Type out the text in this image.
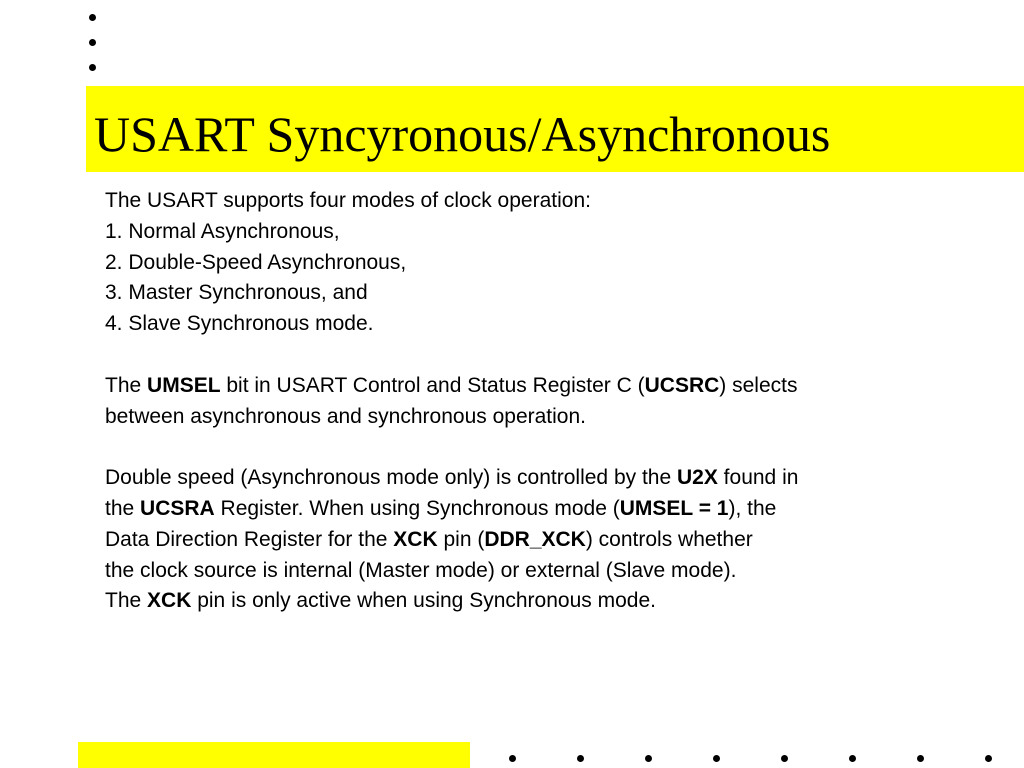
USART Syncyronous/Asynchronous
The USART supports four modes of clock operation:
1. Normal Asynchronous,
2. Double-Speed Asynchronous,
3. Master Synchronous, and
4. Slave Synchronous mode.
The UMSEL bit in USART Control and Status Register C (UCSRC) selects
between asynchronous and synchronous operation.
Double speed (Asynchronous mode only) is controlled by the U2X found in
the UCSRA Register. When using Synchronous mode (UMSEL = 1), the
Data Direction Register for the XCK pin (DDR_XCK) controls whether
the clock source is internal (Master mode) or external (Slave mode).
The XCK pin is only active when using Synchronous mode.
